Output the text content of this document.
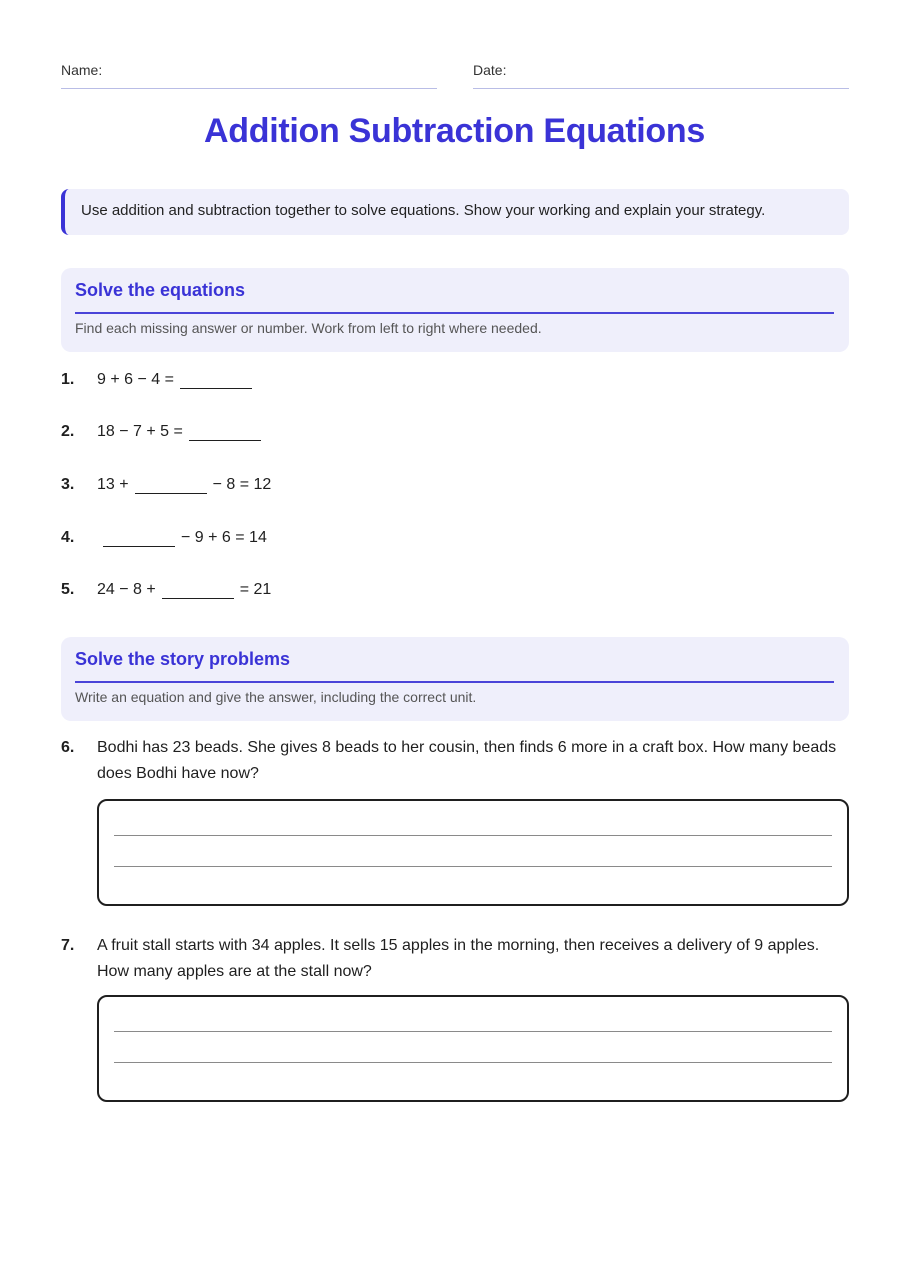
Name:	Date:
Addition Subtraction Equations
Use addition and subtraction together to solve equations. Show your working and explain your strategy.
Solve the equations
Find each missing answer or number. Work from left to right where needed.
1. 9 + 6 − 4 =
2. 18 − 7 + 5 =
3. 13 +	− 8 = 12
4.	− 9 + 6 = 14
5. 24 − 8 +	= 21
Solve the story problems
Write an equation and give the answer, including the correct unit.
6. Bodhi has 23 beads. She gives 8 beads to her cousin, then finds 6 more in a craft box. How many beads does Bodhi have now?
7. A fruit stall starts with 34 apples. It sells 15 apples in the morning, then receives a delivery of 9 apples. How many apples are at the stall now?
